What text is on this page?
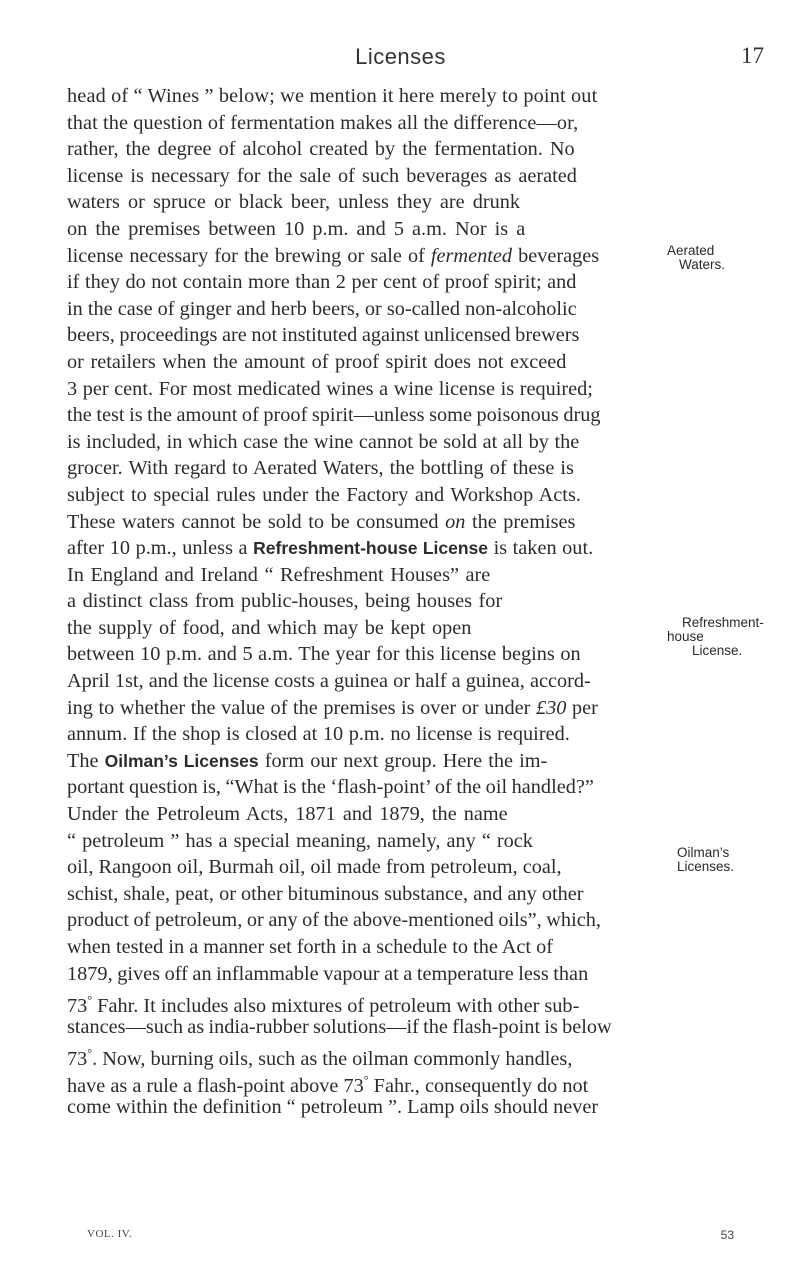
Licenses	17
head of “ Wines ” below; we mention it here merely to point out
that the question of fermentation makes all the difference—or,
rather, the degree of alcohol created by the fermentation. No
license is necessary for the sale of such beverages as aerated
waters or spruce or black beer, unless they are drunk
on the premises between 10 p.m. and 5 a.m. Nor is a
license necessary for the brewing or sale of fermented beverages
if they do not contain more than 2 per cent of proof spirit; and
in the case of ginger and herb beers, or so-called non-alcoholic
beers, proceedings are not instituted against unlicensed brewers
or retailers when the amount of proof spirit does not exceed
3 per cent. For most medicated wines a wine license is required;
the test is the amount of proof spirit—unless some poisonous drug
is included, in which case the wine cannot be sold at all by the
grocer. With regard to Aerated Waters, the bottling of these is
subject to special rules under the Factory and Workshop Acts.
These waters cannot be sold to be consumed on the premises
after 10 p.m., unless a Refreshment-house License is taken out.
In England and Ireland “ Refreshment Houses” are
a distinct class from public-houses, being houses for
the supply of food, and which may be kept open
between 10 p.m. and 5 a.m. The year for this license begins on
April 1st, and the license costs a guinea or half a guinea, accord-
ing to whether the value of the premises is over or under £30 per
annum. If the shop is closed at 10 p.m. no license is required.
The Oilman’s Licenses form our next group. Here the im-
portant question is, “What is the ‘flash-point’ of the oil handled?”
Under the Petroleum Acts, 1871 and 1879, the name
“ petroleum ” has a special meaning, namely, any “ rock
oil, Rangoon oil, Burmah oil, oil made from petroleum, coal,
schist, shale, peat, or other bituminous substance, and any other
product of petroleum, or any of the above-mentioned oils”, which,
when tested in a manner set forth in a schedule to the Act of
1879, gives off an inflammable vapour at a temperature less than
73° Fahr. It includes also mixtures of petroleum with other sub-
stances—such as india-rubber solutions—if the flash-point is below
73°. Now, burning oils, such as the oilman commonly handles,
have as a rule a flash-point above 73° Fahr., consequently do not
come within the definition “ petroleum ”. Lamp oils should never
Aerated
Waters.
Refreshment-
house
License.
Oilman’s
Licenses.
VOL. IV.	53
